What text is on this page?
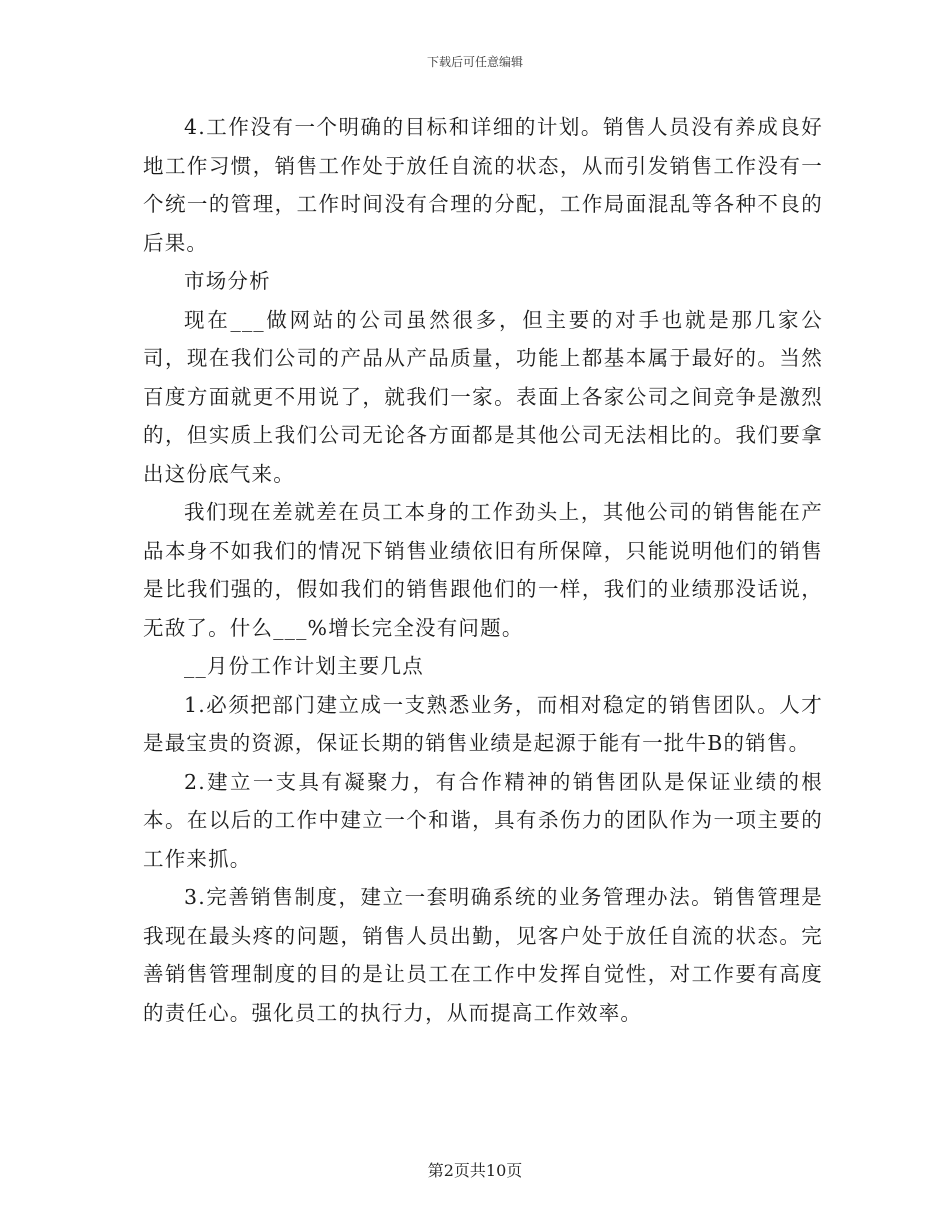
下载后可任意编辑

4.工作没有一个明确的目标和详细的计划。销售人员没有养成良好地工作习惯，销售工作处于放任自流的状态，从而引发销售工作没有一个统一的管理，工作时间没有合理的分配，工作局面混乱等各种不良的后果。

市场分析

现在___做网站的公司虽然很多，但主要的对手也就是那几家公司，现在我们公司的产品从产品质量，功能上都基本属于最好的。当然百度方面就更不用说了，就我们一家。表面上各家公司之间竞争是激烈的，但实质上我们公司无论各方面都是其他公司无法相比的。我们要拿出这份底气来。

我们现在差就差在员工本身的工作劲头上，其他公司的销售能在产品本身不如我们的情况下销售业绩依旧有所保障，只能说明他们的销售是比我们强的，假如我们的销售跟他们的一样，我们的业绩那没话说，无敌了。什么___%增长完全没有问题。

__月份工作计划主要几点

1.必须把部门建立成一支熟悉业务，而相对稳定的销售团队。人才是最宝贵的资源，保证长期的销售业绩是起源于能有一批牛B的销售。

2.建立一支具有凝聚力，有合作精神的销售团队是保证业绩的根本。在以后的工作中建立一个和谐，具有杀伤力的团队作为一项主要的工作来抓。

3.完善销售制度，建立一套明确系统的业务管理办法。销售管理是我现在最头疼的问题，销售人员出勤，见客户处于放任自流的状态。完善销售管理制度的目的是让员工在工作中发挥自觉性，对工作要有高度的责任心。强化员工的执行力，从而提高工作效率。

第2页共10页
